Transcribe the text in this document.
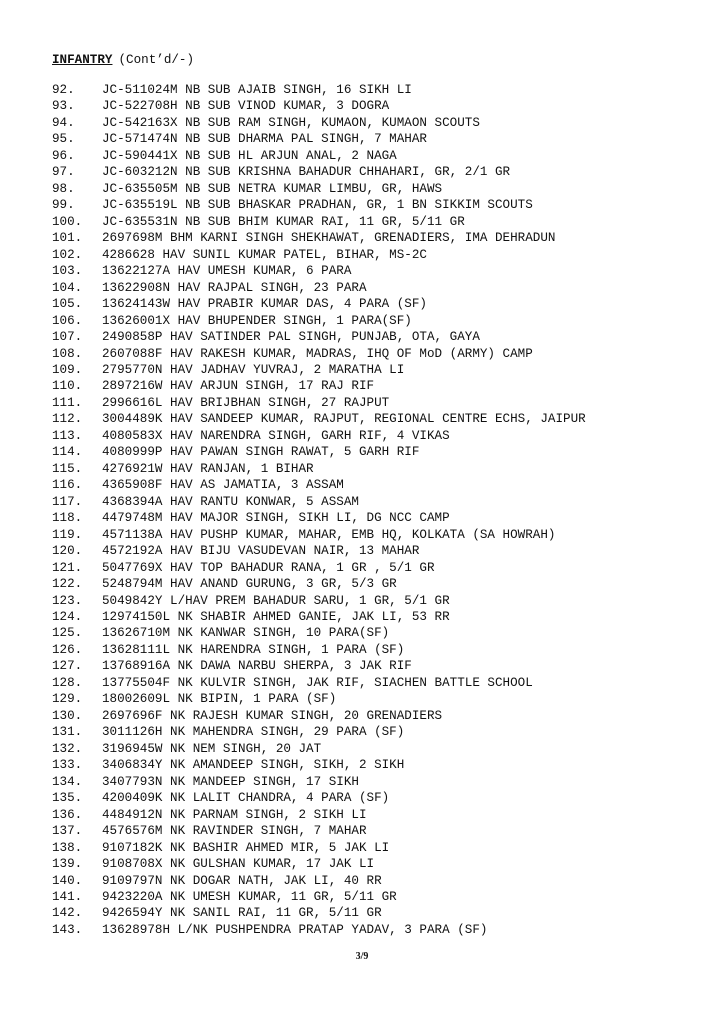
INFANTRY (Cont’d/-)
92. JC-511024M NB SUB AJAIB SINGH, 16 SIKH LI
93. JC-522708H NB SUB VINOD KUMAR, 3 DOGRA
94. JC-542163X NB SUB RAM SINGH, KUMAON, KUMAON SCOUTS
95. JC-571474N NB SUB DHARMA PAL SINGH, 7 MAHAR
96. JC-590441X NB SUB HL ARJUN ANAL, 2 NAGA
97. JC-603212N NB SUB KRISHNA BAHADUR CHHAHARI, GR, 2/1 GR
98. JC-635505M NB SUB NETRA KUMAR LIMBU, GR, HAWS
99. JC-635519L NB SUB BHASKAR PRADHAN, GR, 1 BN SIKKIM SCOUTS
100. JC-635531N NB SUB BHIM KUMAR RAI, 11 GR, 5/11 GR
101. 2697698M BHM KARNI SINGH SHEKHAWAT, GRENADIERS, IMA DEHRADUN
102. 4286628 HAV SUNIL KUMAR PATEL, BIHAR, MS-2C
103. 13622127A HAV UMESH KUMAR, 6 PARA
104. 13622908N HAV RAJPAL SINGH, 23 PARA
105. 13624143W HAV PRABIR KUMAR DAS, 4 PARA (SF)
106. 13626001X HAV BHUPENDER SINGH, 1 PARA(SF)
107. 2490858P HAV SATINDER PAL SINGH, PUNJAB, OTA, GAYA
108. 2607088F HAV RAKESH KUMAR, MADRAS, IHQ OF MoD (ARMY) CAMP
109. 2795770N HAV JADHAV YUVRAJ, 2 MARATHA LI
110. 2897216W HAV ARJUN SINGH, 17 RAJ RIF
111. 2996616L HAV BRIJBHAN SINGH, 27 RAJPUT
112. 3004489K HAV SANDEEP KUMAR, RAJPUT, REGIONAL CENTRE ECHS, JAIPUR
113. 4080583X HAV NARENDRA SINGH, GARH RIF, 4 VIKAS
114. 4080999P HAV PAWAN SINGH RAWAT, 5 GARH RIF
115. 4276921W HAV RANJAN, 1 BIHAR
116. 4365908F HAV AS JAMATIA, 3 ASSAM
117. 4368394A HAV RANTU KONWAR, 5 ASSAM
118. 4479748M HAV MAJOR SINGH, SIKH LI, DG NCC CAMP
119. 4571138A HAV PUSHP KUMAR, MAHAR, EMB HQ, KOLKATA (SA HOWRAH)
120. 4572192A HAV BIJU VASUDEVAN NAIR, 13 MAHAR
121. 5047769X HAV TOP BAHADUR RANA, 1 GR , 5/1 GR
122. 5248794M HAV ANAND GURUNG, 3 GR, 5/3 GR
123. 5049842Y L/HAV PREM BAHADUR SARU, 1 GR, 5/1 GR
124. 12974150L NK SHABIR AHMED GANIE, JAK LI, 53 RR
125. 13626710M NK KANWAR SINGH, 10 PARA(SF)
126. 13628111L NK HARENDRA SINGH, 1 PARA (SF)
127. 13768916A NK DAWA NARBU SHERPA, 3 JAK RIF
128. 13775504F NK KULVIR SINGH, JAK RIF, SIACHEN BATTLE SCHOOL
129. 18002609L NK BIPIN, 1 PARA (SF)
130. 2697696F NK RAJESH KUMAR SINGH, 20 GRENADIERS
131. 3011126H NK MAHENDRA SINGH, 29 PARA (SF)
132. 3196945W NK NEM SINGH, 20 JAT
133. 3406834Y NK AMANDEEP SINGH, SIKH, 2 SIKH
134. 3407793N NK MANDEEP SINGH, 17 SIKH
135. 4200409K NK LALIT CHANDRA, 4 PARA (SF)
136. 4484912N NK PARNAM SINGH, 2 SIKH LI
137. 4576576M NK RAVINDER SINGH, 7 MAHAR
138. 9107182K NK BASHIR AHMED MIR, 5 JAK LI
139. 9108708X NK GULSHAN KUMAR, 17 JAK LI
140. 9109797N NK DOGAR NATH, JAK LI, 40 RR
141. 9423220A NK UMESH KUMAR, 11 GR, 5/11 GR
142. 9426594Y NK SANIL RAI, 11 GR, 5/11 GR
143. 13628978H L/NK PUSHPENDRA PRATAP YADAV, 3 PARA (SF)
3/9
